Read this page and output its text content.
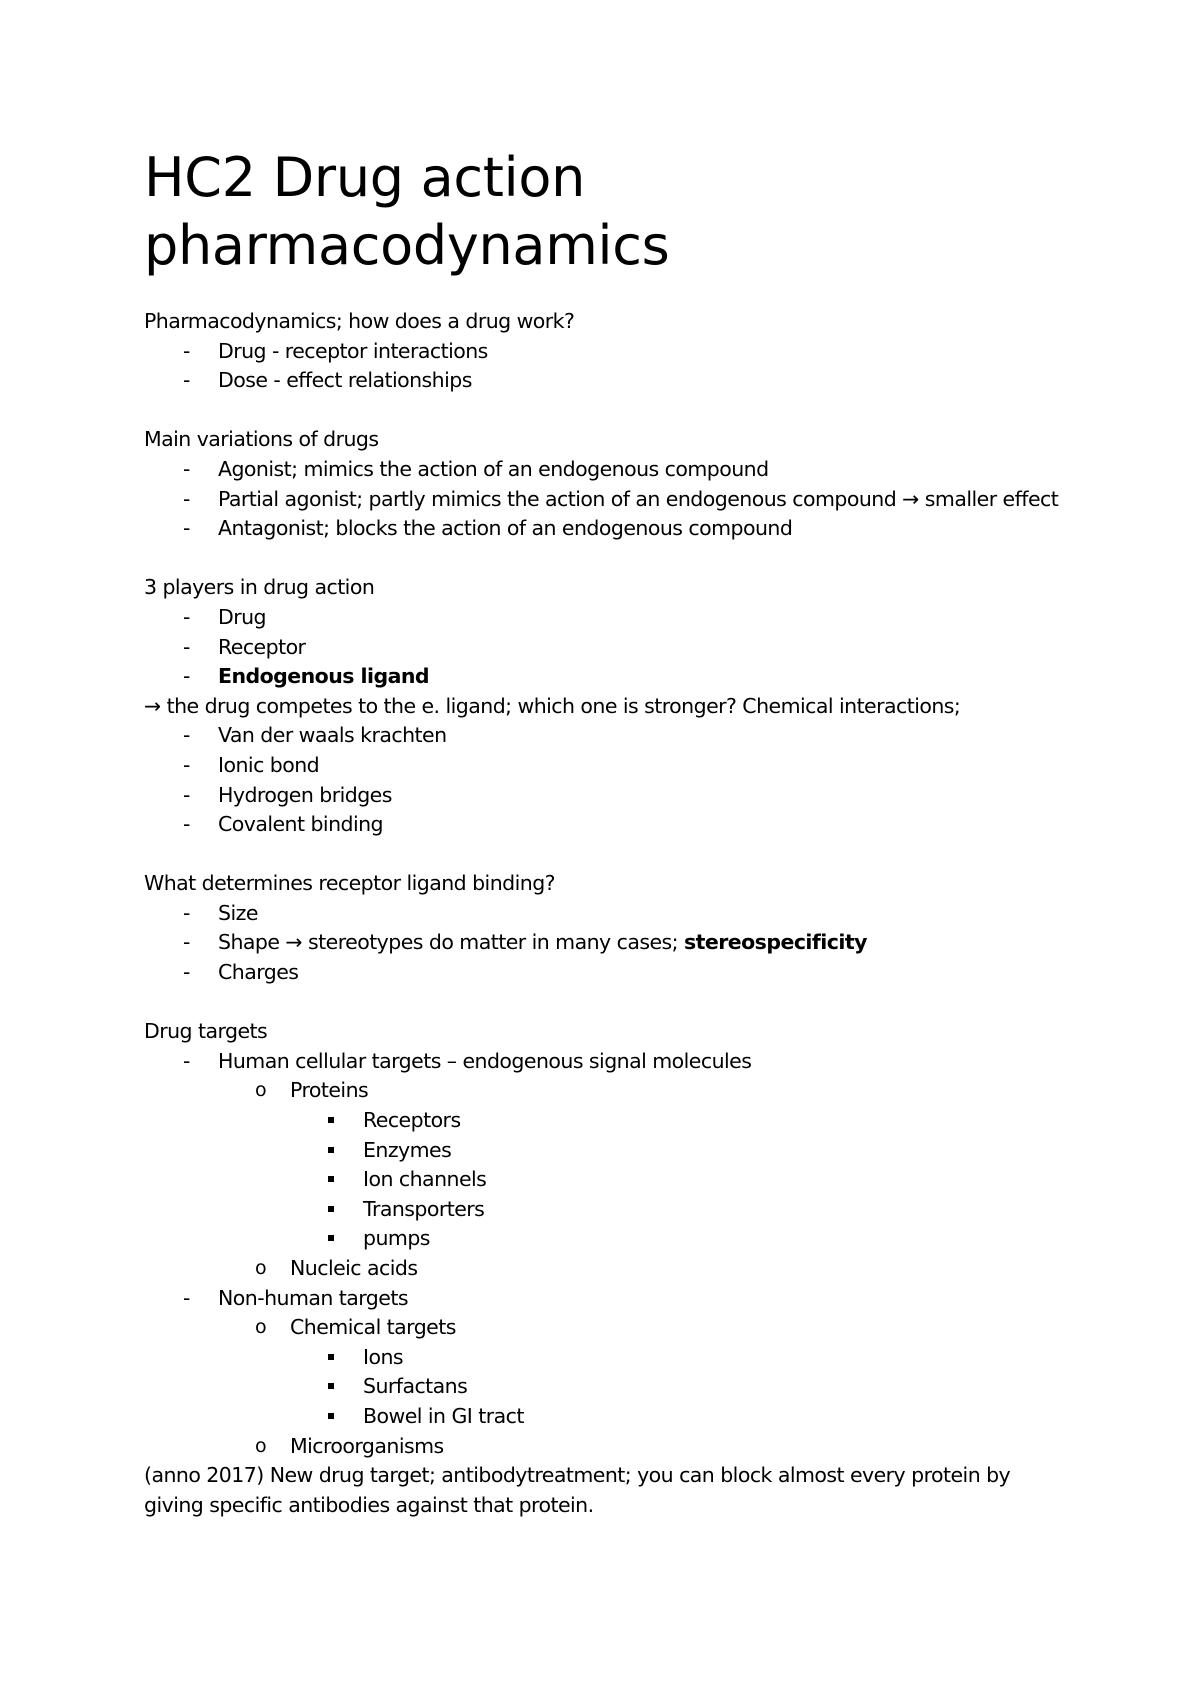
HC2 Drug action
pharmacodynamics
Pharmacodynamics; how does a drug work?
- Drug - receptor interactions
- Dose - effect relationships
Main variations of drugs
- Agonist; mimics the action of an endogenous compound
- Partial agonist; partly mimics the action of an endogenous compound → smaller effect
- Antagonist; blocks the action of an endogenous compound
3 players in drug action
- Drug
- Receptor
- Endogenous ligand
→ the drug competes to the e. ligand; which one is stronger? Chemical interactions;
- Van der waals krachten
- Ionic bond
- Hydrogen bridges
- Covalent binding
What determines receptor ligand binding?
- Size
- Shape → stereotypes do matter in many cases; stereospecificity
- Charges
Drug targets
- Human cellular targets – endogenous signal molecules
o Proteins
Receptors
Enzymes
Ion channels
Transporters
pumps
o Nucleic acids
- Non-human targets
o Chemical targets
Ions
Surfactans
Bowel in GI tract
o Microorganisms
(anno 2017) New drug target; antibodytreatment; you can block almost every protein by giving specific antibodies against that protein.
